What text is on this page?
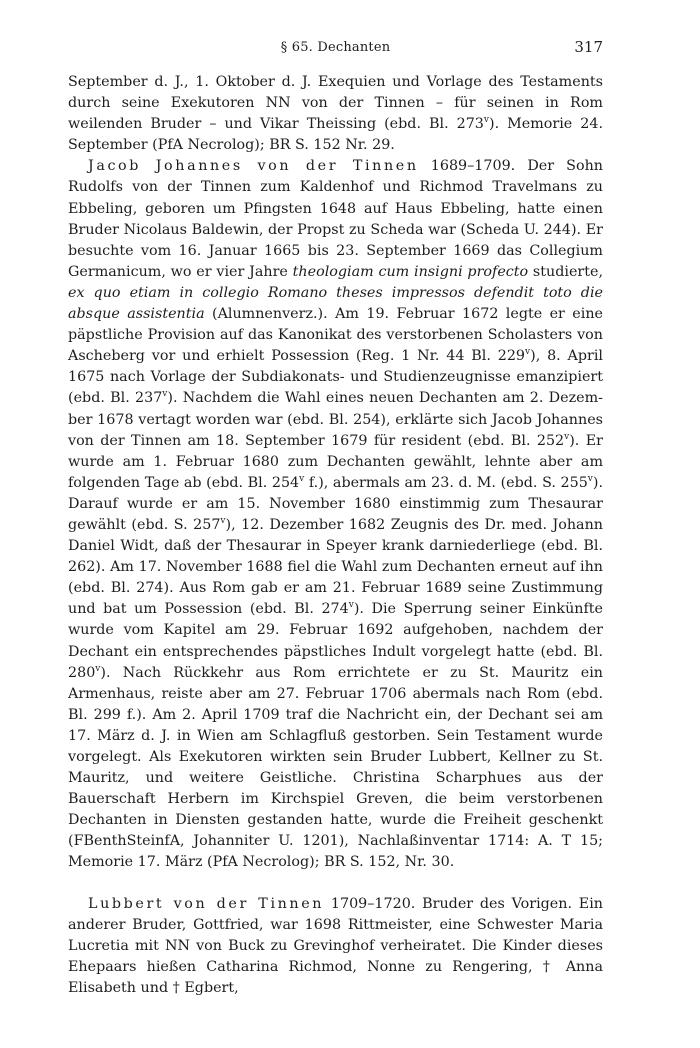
§ 65. Dechanten	317

September d. J., 1. Oktober d. J. Exequien und Vorlage des Testaments durch seine Exekutoren NN von der Tinnen – für seinen in Rom weilenden Bruder – und Vikar Theissing (ebd. Bl. 273$^v$). Memorie 24. September (PfA Necrolog); BR S. 152 Nr. 29.

Jacob Johannes von der Tinnen 1689–1709. Der Sohn Rudolfs von der Tinnen zum Kaldenhof und Richmod Travelmans zu Ebbeling, geboren um Pfingsten 1648 auf Haus Ebbeling, hatte einen Bruder Nicolaus Baldewin, der Propst zu Scheda war (Scheda U. 244). Er besuchte vom 16. Januar 1665 bis 23. September 1669 das Collegium Germanicum, wo er vier Jahre theologiam cum insigni profecto studierte, ex quo etiam in collegio Romano theses impressos defendit toto die absque assistentia (Alumnenverz.). Am 19. Februar 1672 legte er eine päpstliche Provision auf das Kanonikat des verstorbenen Scholasters von Ascheberg vor und erhielt Possession (Reg. 1 Nr. 44 Bl. 229$^v$), 8. April 1675 nach Vorlage der Subdiakonats- und Studienzeugnisse emanzipiert (ebd. Bl. 237$^v$). Nachdem die Wahl eines neuen Dechanten am 2. Dezember 1678 vertagt worden war (ebd. Bl. 254), erklärte sich Jacob Johannes von der Tinnen am 18. September 1679 für resident (ebd. Bl. 252$^v$). Er wurde am 1. Februar 1680 zum Dechanten gewählt, lehnte aber am folgenden Tage ab (ebd. Bl. 254$^v$ f.), abermals am 23. d. M. (ebd. S. 255$^v$). Darauf wurde er am 15. November 1680 einstimmig zum Thesaurar gewählt (ebd. S. 257$^v$), 12. Dezember 1682 Zeugnis des Dr. med. Johann Daniel Widt, daß der Thesaurar in Speyer krank darniederliege (ebd. Bl. 262). Am 17. November 1688 fiel die Wahl zum Dechanten erneut auf ihn (ebd. Bl. 274). Aus Rom gab er am 21. Februar 1689 seine Zustimmung und bat um Possession (ebd. Bl. 274$^v$). Die Sperrung seiner Einkünfte wurde vom Kapitel am 29. Februar 1692 aufgehoben, nachdem der Dechant ein entsprechendes päpstliches Indult vorgelegt hatte (ebd. Bl. 280$^v$). Nach Rückkehr aus Rom errichtete er zu St. Mauritz ein Armenhaus, reiste aber am 27. Februar 1706 abermals nach Rom (ebd. Bl. 299 f.). Am 2. April 1709 traf die Nachricht ein, der Dechant sei am 17. März d. J. in Wien am Schlagfluß gestorben. Sein Testament wurde vorgelegt. Als Exekutoren wirkten sein Bruder Lubbert, Kellner zu St. Mauritz, und weitere Geistliche. Christina Scharphues aus der Bauerschaft Herbern im Kirchspiel Greven, die beim verstorbenen Dechanten in Diensten gestanden hatte, wurde die Freiheit geschenkt (FBenthSteinfA, Johanniter U. 1201), Nachlaßinventar 1714: A. T 15; Memorie 17. März (PfA Necrolog); BR S. 152, Nr. 30.

Lubbert von der Tinnen 1709–1720. Bruder des Vorigen. Ein anderer Bruder, Gottfried, war 1698 Rittmeister, eine Schwester Maria Lucretia mit NN von Buck zu Grevinghof verheiratet. Die Kinder dieses Ehepaars hießen Catharina Richmod, Nonne zu Rengering, † Anna Elisabeth und † Egbert,
